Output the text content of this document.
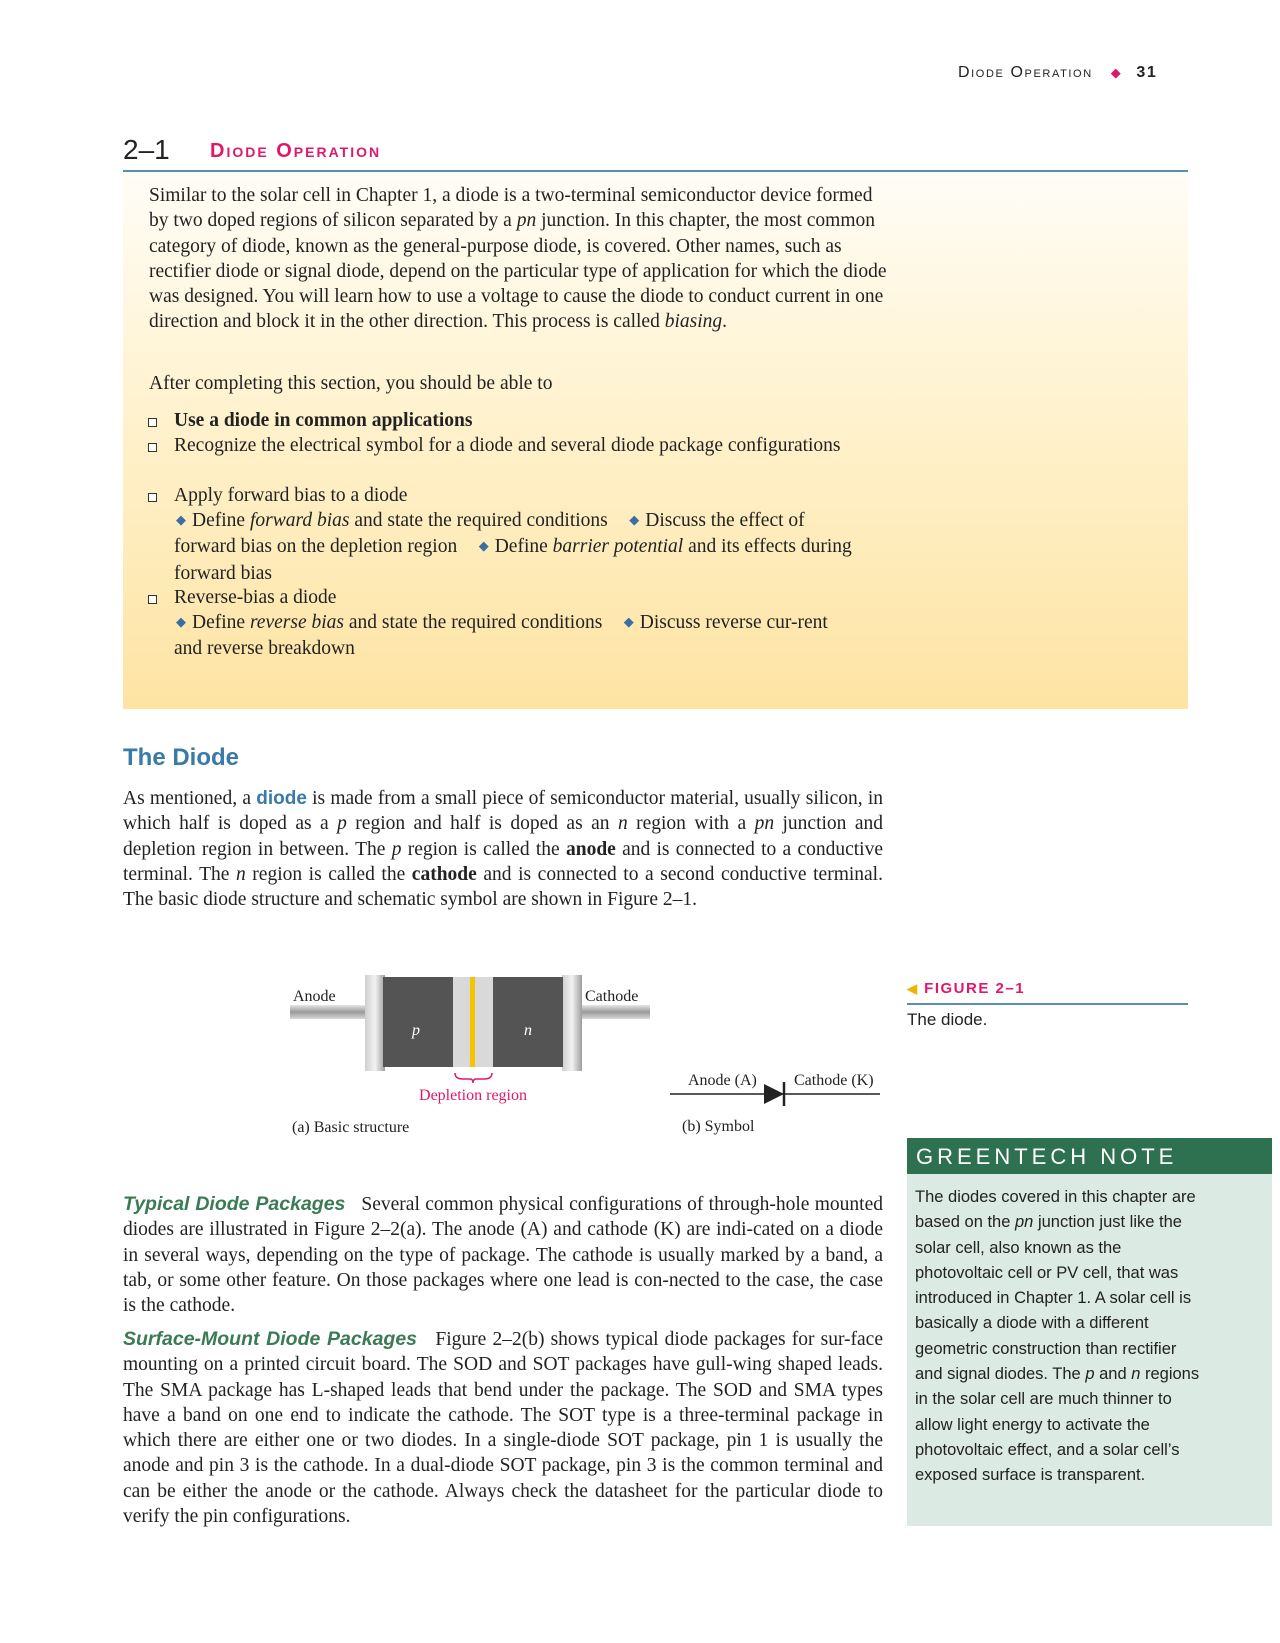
Diode Operation ◆ 31
2–1 Diode Operation
Similar to the solar cell in Chapter 1, a diode is a two-terminal semiconductor device formed by two doped regions of silicon separated by a pn junction. In this chapter, the most common category of diode, known as the general-purpose diode, is covered. Other names, such as rectifier diode or signal diode, depend on the particular type of application for which the diode was designed. You will learn how to use a voltage to cause the diode to conduct current in one direction and block it in the other direction. This process is called biasing.
After completing this section, you should be able to
Use a diode in common applications
Recognize the electrical symbol for a diode and several diode package configurations
Apply forward bias to a diode
◆ Define forward bias and state the required conditions ◆ Discuss the effect of forward bias on the depletion region ◆ Define barrier potential and its effects during forward bias
Reverse-bias a diode
◆ Define reverse bias and state the required conditions ◆ Discuss reverse cur-rent and reverse breakdown
The Diode
As mentioned, a diode is made from a small piece of semiconductor material, usually silicon, in which half is doped as a p region and half is doped as an n region with a pn junction and depletion region in between. The p region is called the anode and is connected to a conductive terminal. The n region is called the cathode and is connected to a second conductive terminal. The basic diode structure and schematic symbol are shown in Figure 2–1.
p	n
Anode	Cathode
Depletion region
(a) Basic structure
Anode (A) Cathode (K)
(b) Symbol
◀ FIGURE 2–1
The diode.
GREENTECH NOTE
The diodes covered in this chapter are based on the pn junction just like the solar cell, also known as the photovoltaic cell or PV cell, that was introduced in Chapter 1. A solar cell is basically a diode with a different geometric construction than rectifier and signal diodes. The p and n regions in the solar cell are much thinner to allow light energy to activate the photovoltaic effect, and a solar cell’s exposed surface is transparent.
Typical Diode Packages Several common physical configurations of through-hole mounted diodes are illustrated in Figure 2–2(a). The anode (A) and cathode (K) are indi-cated on a diode in several ways, depending on the type of package. The cathode is usually marked by a band, a tab, or some other feature. On those packages where one lead is con-nected to the case, the case is the cathode.
Surface-Mount Diode Packages Figure 2–2(b) shows typical diode packages for sur-face mounting on a printed circuit board. The SOD and SOT packages have gull-wing shaped leads. The SMA package has L-shaped leads that bend under the package. The SOD and SMA types have a band on one end to indicate the cathode. The SOT type is a three-terminal package in which there are either one or two diodes. In a single-diode SOT package, pin 1 is usually the anode and pin 3 is the cathode. In a dual-diode SOT package, pin 3 is the common terminal and can be either the anode or the cathode. Always check the datasheet for the particular diode to verify the pin configurations.
